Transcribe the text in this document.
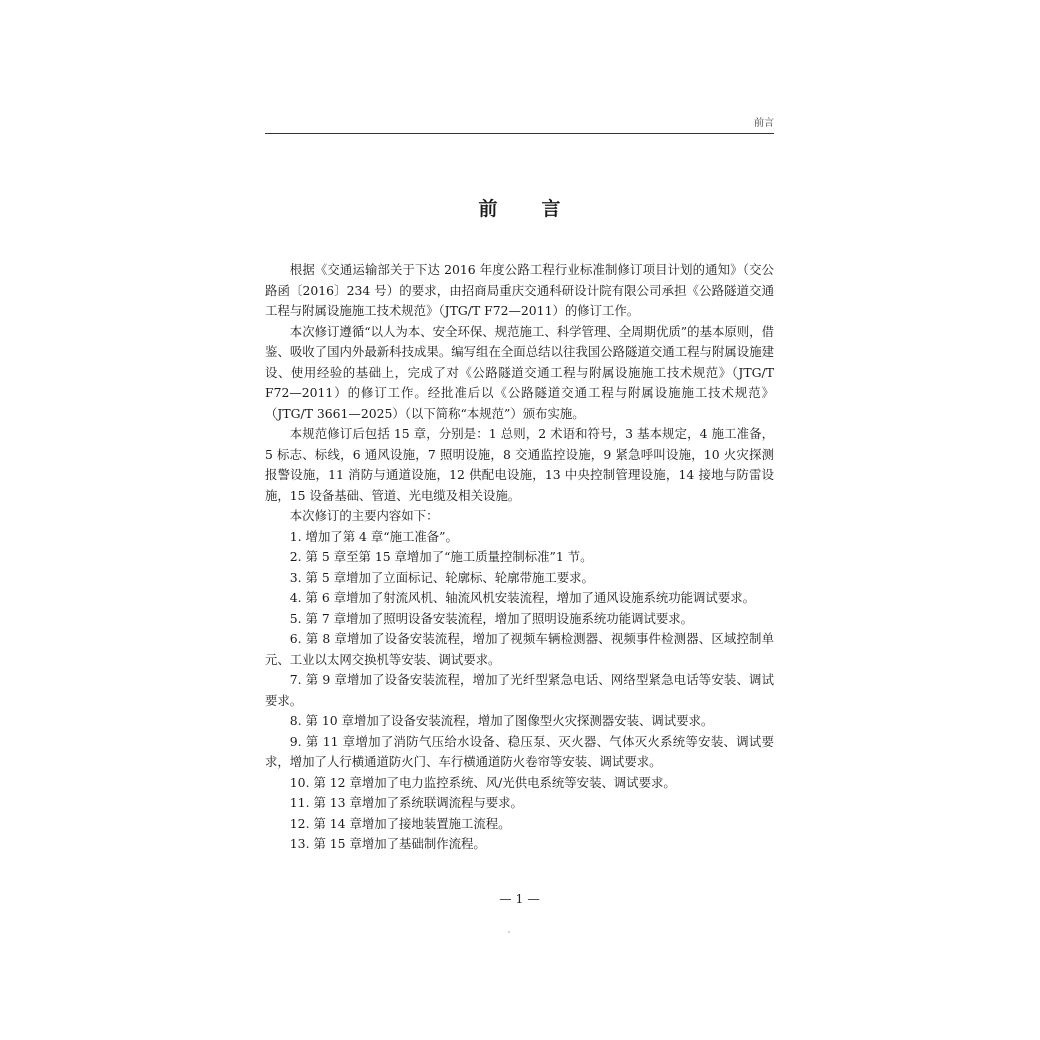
前言
前 言

根据《交通运输部关于下达 2016 年度公路工程行业标准制修订项目计划的通知》（交公路函〔2016〕234 号）的要求，由招商局重庆交通科研设计院有限公司承担《公路隧道交通工程与附属设施施工技术规范》（JTG/T F72—2011）的修订工作。

本次修订遵循“以人为本、安全环保、规范施工、科学管理、全周期优质”的基本原则，借鉴、吸收了国内外最新科技成果。编写组在全面总结以往我国公路隧道交通工程与附属设施建设、使用经验的基础上，完成了对《公路隧道交通工程与附属设施施工技术规范》（JTG/T F72—2011）的修订工作。经批准后以《公路隧道交通工程与附属设施施工技术规范》（JTG/T 3661—2025）（以下简称“本规范”）颁布实施。

本规范修订后包括 15 章，分别是：1 总则，2 术语和符号，3 基本规定，4 施工准备，5 标志、标线，6 通风设施，7 照明设施，8 交通监控设施，9 紧急呼叫设施，10 火灾探测报警设施，11 消防与通道设施，12 供配电设施，13 中央控制管理设施，14 接地与防雷设施，15 设备基础、管道、光电缆及相关设施。

本次修订的主要内容如下：

1. 增加了第 4 章“施工准备”。

2. 第 5 章至第 15 章增加了“施工质量控制标准”1 节。

3. 第 5 章增加了立面标记、轮廓标、轮廓带施工要求。

4. 第 6 章增加了射流风机、轴流风机安装流程，增加了通风设施系统功能调试要求。

5. 第 7 章增加了照明设备安装流程，增加了照明设施系统功能调试要求。

6. 第 8 章增加了设备安装流程，增加了视频车辆检测器、视频事件检测器、区域控制单元、工业以太网交换机等安装、调试要求。

7. 第 9 章增加了设备安装流程，增加了光纤型紧急电话、网络型紧急电话等安装、调试要求。

8. 第 10 章增加了设备安装流程，增加了图像型火灾探测器安装、调试要求。

9. 第 11 章增加了消防气压给水设备、稳压泵、灭火器、气体灭火系统等安装、调试要求，增加了人行横通道防火门、车行横通道防火卷帘等安装、调试要求。

10. 第 12 章增加了电力监控系统、风/光供电系统等安装、调试要求。

11. 第 13 章增加了系统联调流程与要求。

12. 第 14 章增加了接地装置施工流程。

13. 第 15 章增加了基础制作流程。

— 1 —
